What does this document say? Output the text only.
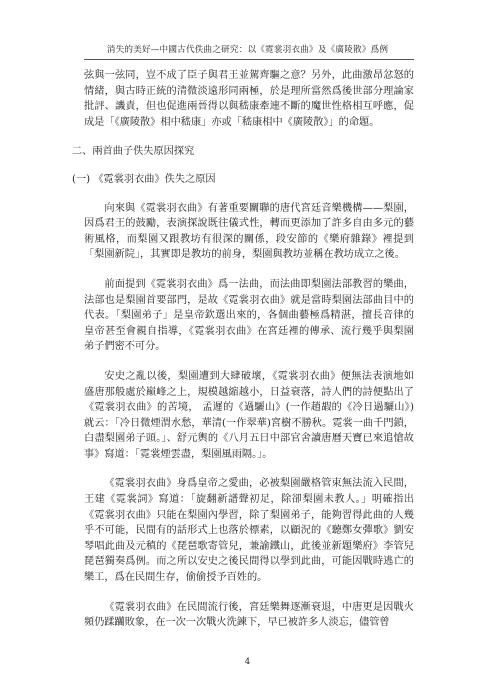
消失的美好—中國古代佚曲之研究：以《霓裳羽衣曲》及《廣陵散》爲例

弦與一弦同，豈不成了臣子與君王並駕齊驅之意？另外，此曲激昂忿怒的情緒，與古時正統的清微淡遠形同兩極，於是理所當然爲後世部分理論家批評、譏責，但也促進兩晉得以與嵇康牽連不斷的魔世性格相互呼應，促成是「《廣陵散》相中嵇康」亦或「嵇康相中《廣陵散》」的命題。

二、兩首曲子佚失原因探究
(一) 《霓裳羽衣曲》佚失之原因

向來與《霓裳羽衣曲》有著重要關聯的唐代宮廷音樂機構——梨園，因爲君王的鼓勵，表演探說既往儀式性，轉而更添加了許多自由多元的藝術風格，而梨園又跟教坊有很深的關係，段安節的《樂府雜錄》裡提到「梨園新院」，其實即是教坊的前身，梨園與教坊並稱在教坊成立之後。

前面提到《霓裳羽衣曲》爲一法曲，而法曲即梨園法部教習的樂曲，法部也是梨園首要部門，是故《霓裳羽衣曲》就是當時梨園法部曲目中的代表。「梨園弟子」是皇帝欽選出來的，各個曲藝極爲精湛，擅長音律的皇帝甚至會親自指導，《霓裳羽衣曲》在宮廷裡的傳承、流行幾乎與梨園弟子們密不可分。

安史之亂以後，梨園遭到大肆破壞，《霓裳羽衣曲》便無法表演地如盛唐那般處於巔峰之上，規模越縮越小，日益衰落，詩人們的詩便點出了《霓裳羽衣曲》的苦境， 孟遲的《過驪山》(一作趙嘏的《冷日過驪山》) 就云：「冷日微煙渭水愁，華清(一作翠華)宮樹不勝秋。霓裳一曲千門鎖，白盡梨園弟子頭。」、舒元輿的《八月五日中部官舍讀唐曆天寶已來追愴故事》寫道：「霓裳煙雲盡，梨園風雨隔。」。

《霓裳羽衣曲》身爲皇帝之愛曲，必被梨園嚴格管束無法流入民間，王建《霓裳詞》寫道：「旋翻新譜聲初足，除卻梨園未教人。」明確指出《霓裳羽衣曲》只能在梨園內學習，除了梨園弟子，能夠習得此曲的人幾乎不可能，民間有的話形式上也落於標素，以顧況的《聽鄭女彈歌》劉安琴唱此曲及元稹的《琵琶歌寄管兒，兼諭鐵山，此後並新題樂府》李管兒琵琶獨奏爲例。而之所以安史之後民間得以學到此曲，可能因戰時逃亡的樂工，爲在民間生存，偷偷授予百姓的。

《霓裳羽衣曲》在民間流行後，宮廷樂舞逐漸衰退，中唐更是因戰火頻仍蹂躪敗象，在一次一次戰火洗鍊下，早已被許多人淡忘，儘管曾

4
